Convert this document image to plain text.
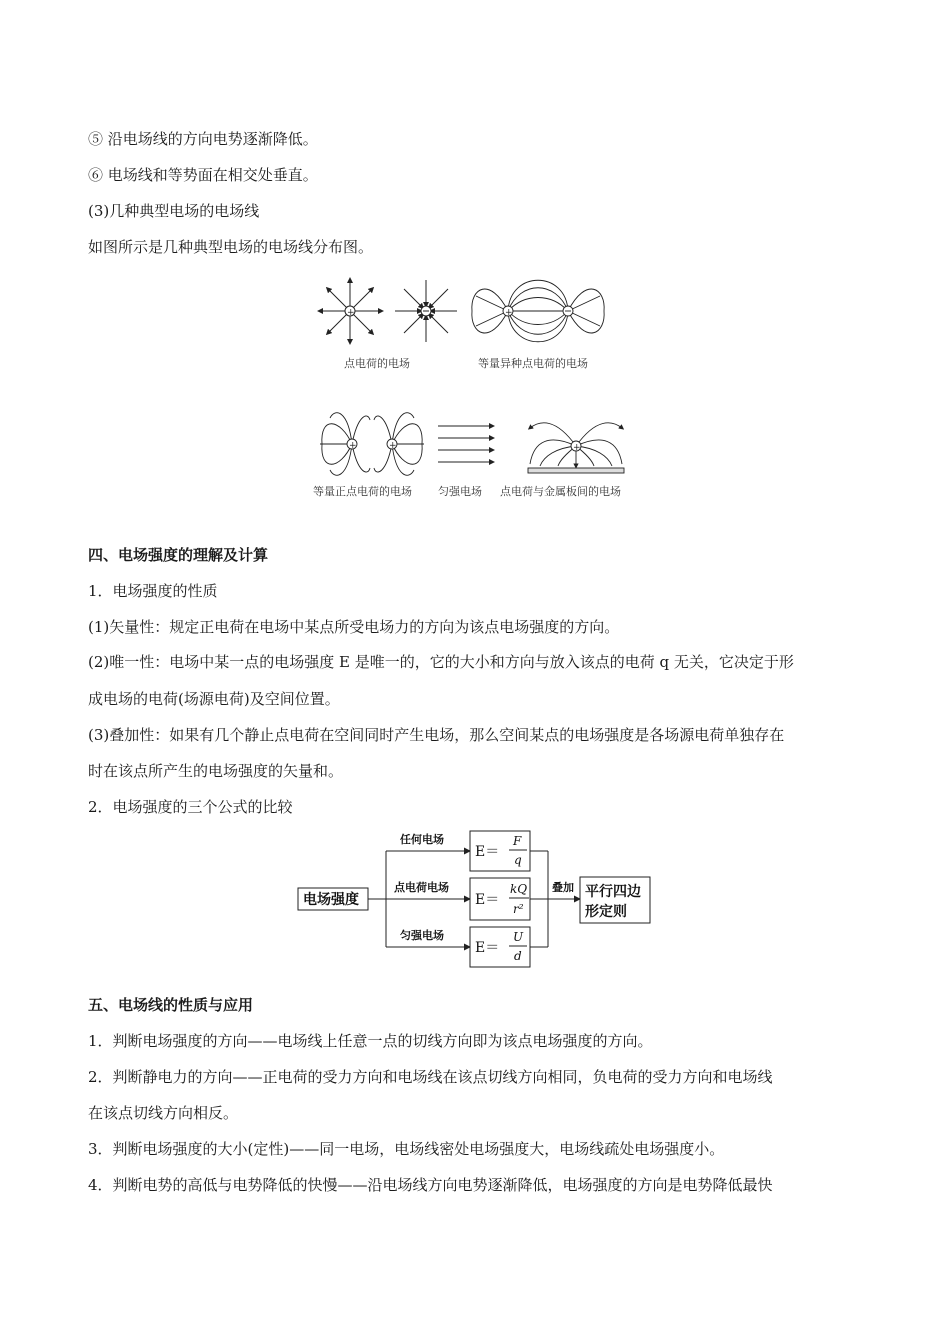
⑤ 沿电场线的方向电势逐渐降低。
⑥ 电场线和等势面在相交处垂直。
(3)几种典型电场的电场线
如图所示是几种典型电场的电场线分布图。
+	+
+	+	+
点电荷的电场	等量异种点电荷的电场
等量正点电荷的电场 匀强电场 点电荷与金属板间的电场
四、电场强度的理解及计算
1．电场强度的性质
(1)矢量性：规定正电荷在电场中某点所受电场力的方向为该点电场强度的方向。
(2)唯一性：电场中某一点的电场强度 E 是唯一的，它的大小和方向与放入该点的电荷 q 无关，它决定于形
成电场的电荷(场源电荷)及空间位置。
(3)叠加性：如果有几个静止点电荷在空间同时产生电场，那么空间某点的电场强度是各场源电荷单独存在
时在该点所产生的电场强度的矢量和。
2．电场强度的三个公式的比较
电场强度
任何电场
点电荷电场
匀强电场
叠加 平行四边
形定则
E＝
F
q
E＝
kQ
r²
E＝
U
d
五、电场线的性质与应用
1．判断电场强度的方向——电场线上任意一点的切线方向即为该点电场强度的方向。
2．判断静电力的方向——正电荷的受力方向和电场线在该点切线方向相同，负电荷的受力方向和电场线
在该点切线方向相反。
3．判断电场强度的大小(定性)——同一电场，电场线密处电场强度大，电场线疏处电场强度小。
4．判断电势的高低与电势降低的快慢——沿电场线方向电势逐渐降低，电场强度的方向是电势降低最快
